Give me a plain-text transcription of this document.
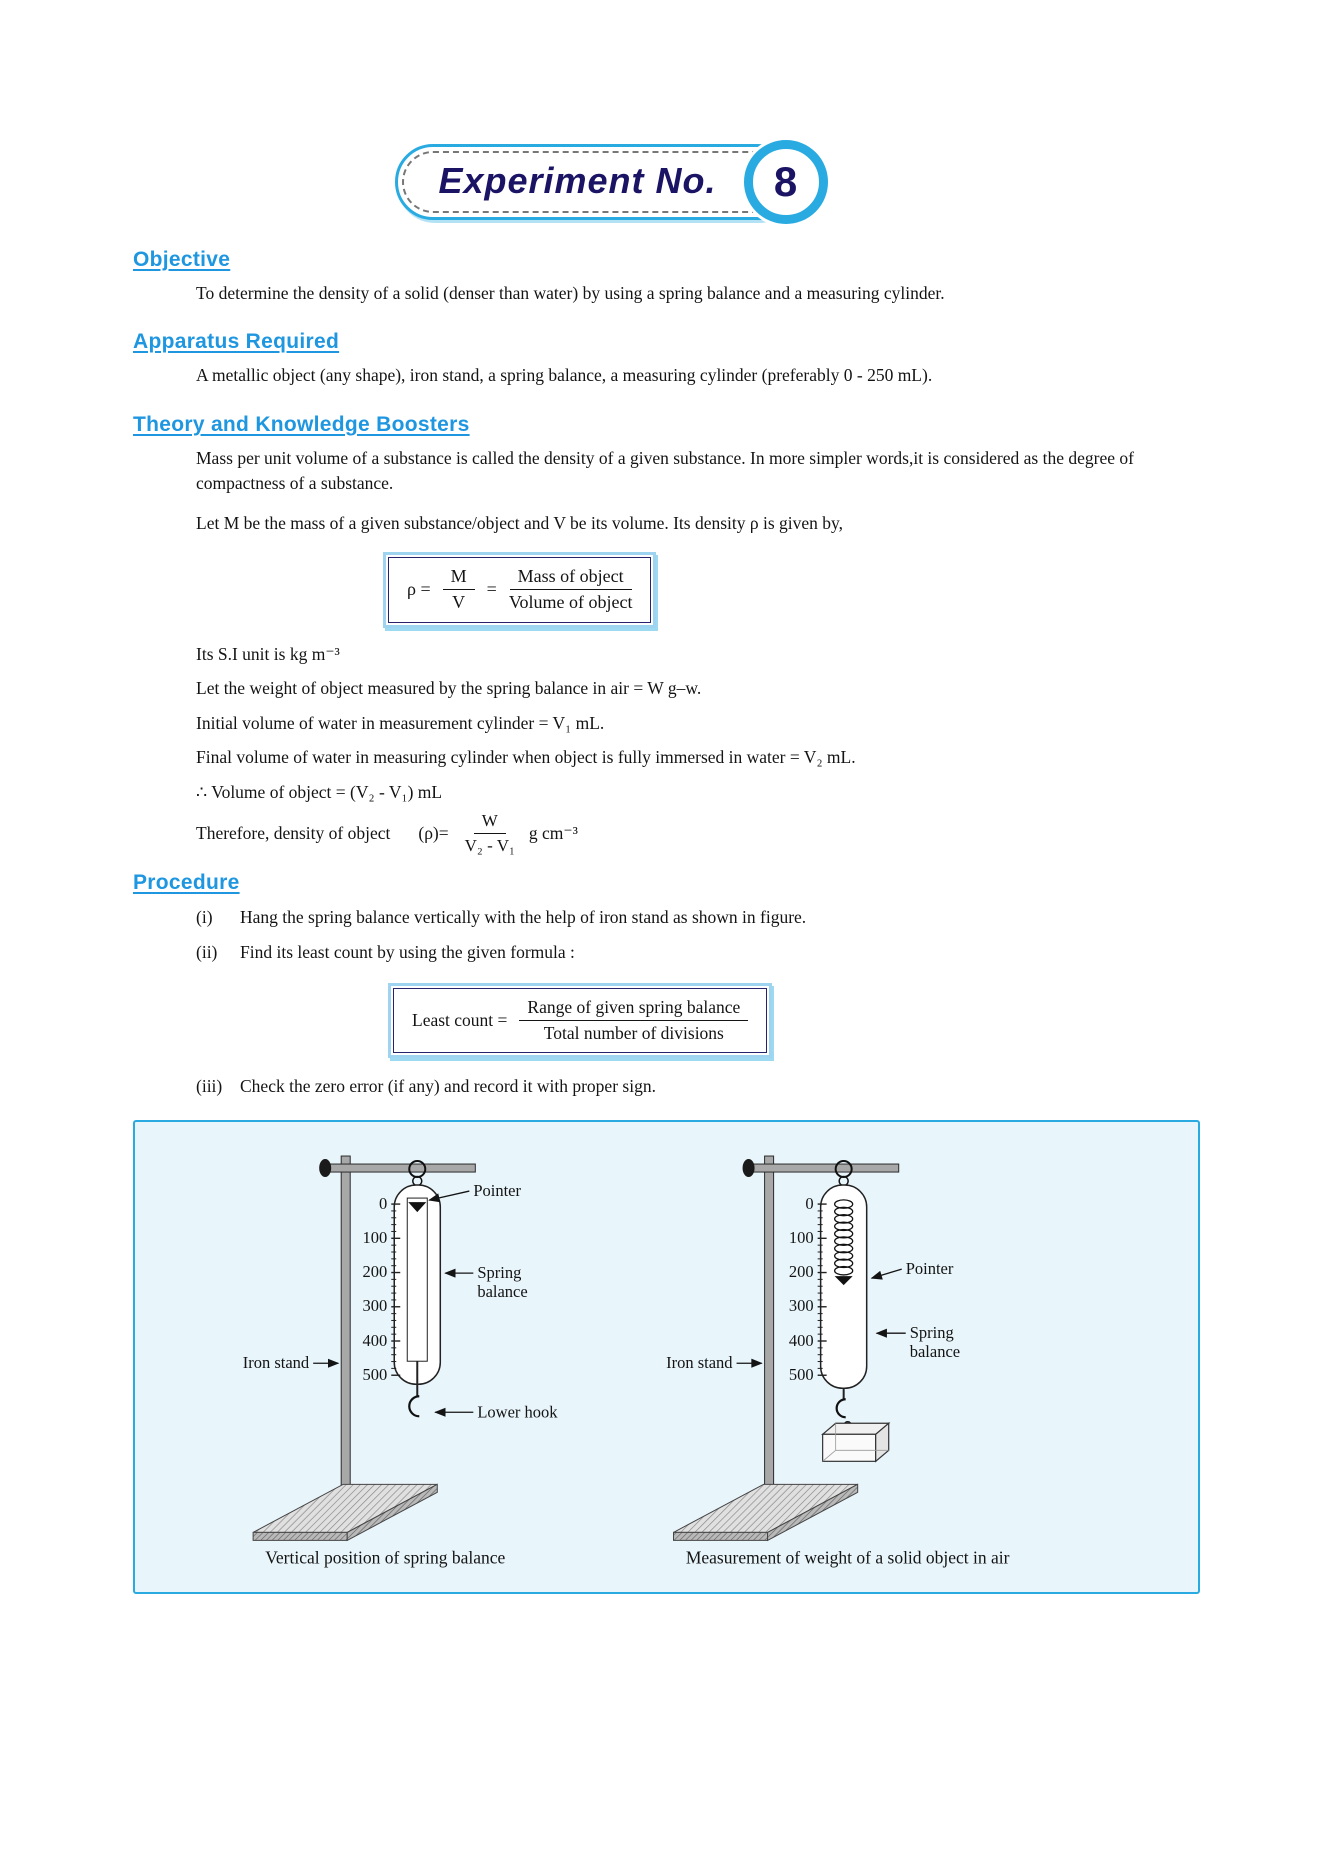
Experiment No.	8
Objective

To determine the density of a solid (denser than water) by using a spring balance and a measuring cylinder.

Apparatus Required

A metallic object (any shape), iron stand, a spring balance, a measuring cylinder (preferably 0 - 250 mL).

Theory and Knowledge Boosters

Mass per unit volume of a substance is called the density of a given substance. In more simpler words,it is considered as the degree of compactness of a substance.

Let M be the mass of a given substance/object and V be its volume. Its density ρ is given by,

$\rho = \frac{M}{V} = \frac{\text{Mass of object}}{\text{Volume of object}}$

Its S.I unit is kg m⁻³

Let the weight of object measured by the spring balance in air = W g–w.

Initial volume of water in measurement cylinder = V₁ mL.

Final volume of water in measuring cylinder when object is fully immersed in water = V₂ mL.

∴ Volume of object = (V₂ - V₁) mL

Therefore, density of object $(\rho)= \frac{W}{\text{V₂ - V₁}}$ g cm⁻³
Procedure
(i)	Hang the spring balance vertically with the help of iron stand as shown in figure.
(ii)	Find its least count by using the given formula :
Least count = $\frac{\text{Range of given spring balance}}{\text{Total number of divisions}}$
(iii)	Check the zero error (if any) and record it with proper sign.
0
100
200
300
400
500
Pointer
Spring
balance
Iron stand
Lower hook
Vertical position of spring balance
0
100
200
300
400
500
Pointer
Spring
balance
Iron stand
Measurement of weight of a solid object in air
